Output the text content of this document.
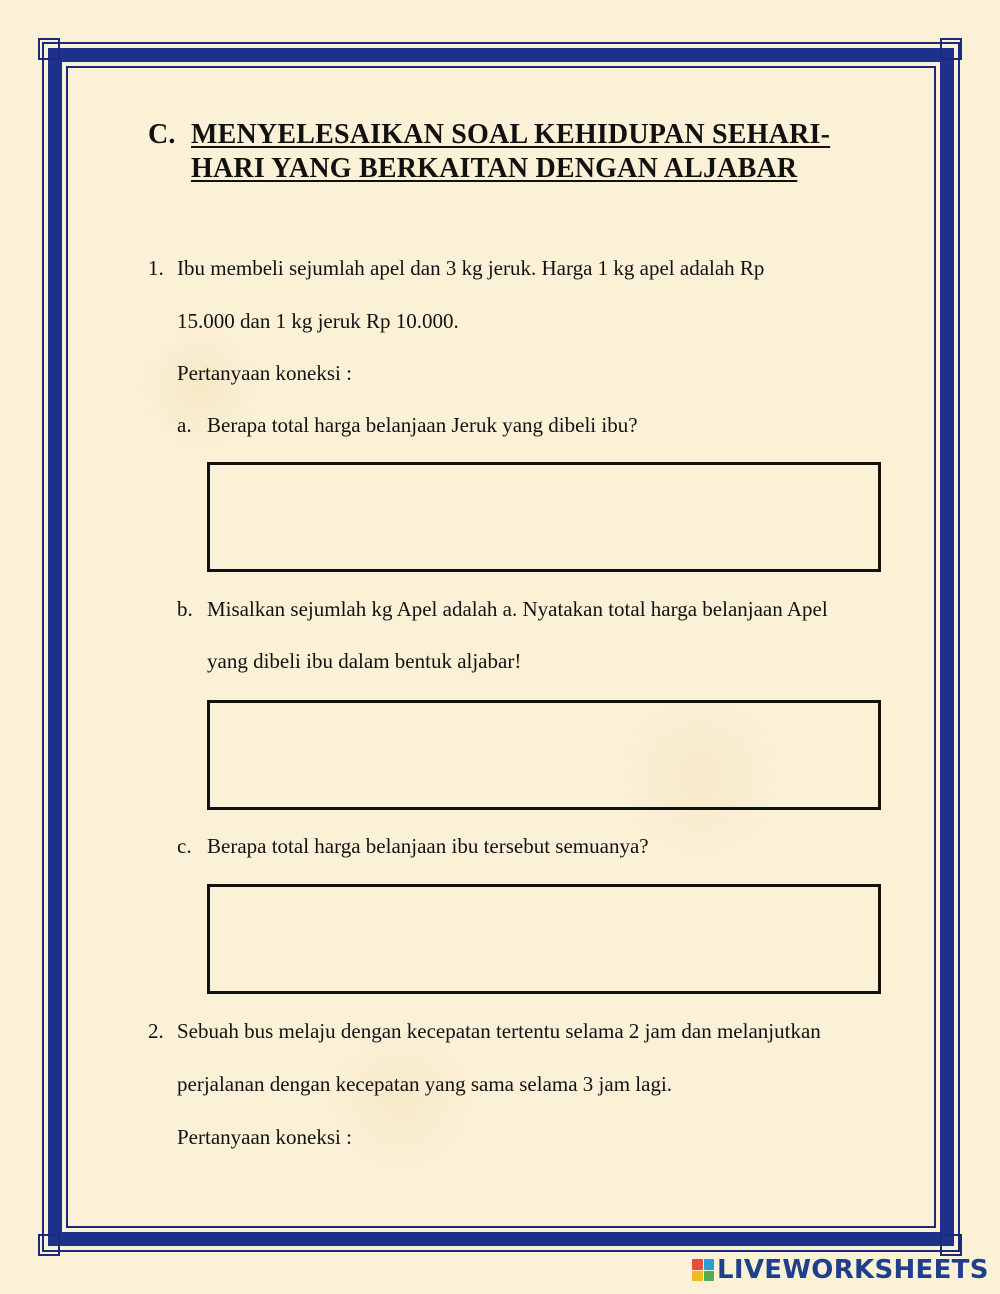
C. MENYELESAIKAN SOAL KEHIDUPAN SEHARI-HARI YANG BERKAITAN DENGAN ALJABAR
1. Ibu membeli sejumlah apel dan 3 kg jeruk. Harga 1 kg apel adalah Rp
15.000 dan 1 kg jeruk Rp 10.000.
Pertanyaan koneksi :
a. Berapa total harga belanjaan Jeruk yang dibeli ibu?
b. Misalkan sejumlah kg Apel adalah a. Nyatakan total harga belanjaan Apel
yang dibeli ibu dalam bentuk aljabar!
c. Berapa total harga belanjaan ibu tersebut semuanya?
2. Sebuah bus melaju dengan kecepatan tertentu selama 2 jam dan melanjutkan
perjalanan dengan kecepatan yang sama selama 3 jam lagi.
Pertanyaan koneksi :
LIVEWORKSHEETS
